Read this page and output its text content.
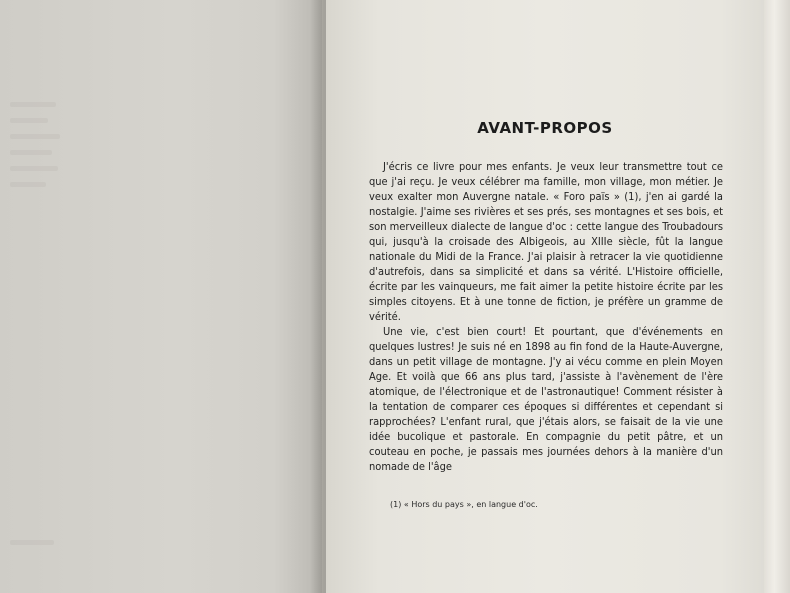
AVANT-PROPOS

J'écris ce livre pour mes enfants. Je veux leur transmettre tout ce que j'ai reçu. Je veux célébrer ma famille, mon village, mon métier. Je veux exalter mon Auvergne natale. « Foro païs » (1), j'en ai gardé la nostalgie. J'aime ses rivières et ses prés, ses montagnes et ses bois, et son merveilleux dialecte de langue d'oc : cette langue des Troubadours qui, jusqu'à la croisade des Albigeois, au XIIIe siècle, fût la langue nationale du Midi de la France. J'ai plaisir à retracer la vie quotidienne d'autrefois, dans sa simplicité et dans sa vérité. L'Histoire officielle, écrite par les vainqueurs, me fait aimer la petite histoire écrite par les simples citoyens. Et à une tonne de fiction, je préfère un gramme de vérité.

Une vie, c'est bien court! Et pourtant, que d'événements en quelques lustres! Je suis né en 1898 au fin fond de la Haute-Auvergne, dans un petit village de montagne. J'y ai vécu comme en plein Moyen Age. Et voilà que 66 ans plus tard, j'assiste à l'avènement de l'ère atomique, de l'électronique et de l'astronautique! Comment résister à la tentation de comparer ces époques si différentes et cependant si rapprochées? L'enfant rural, que j'étais alors, se faisait de la vie une idée bucolique et pastorale. En compagnie du petit pâtre, et un couteau en poche, je passais mes journées dehors à la manière d'un nomade de l'âge

(1) « Hors du pays », en langue d'oc.
